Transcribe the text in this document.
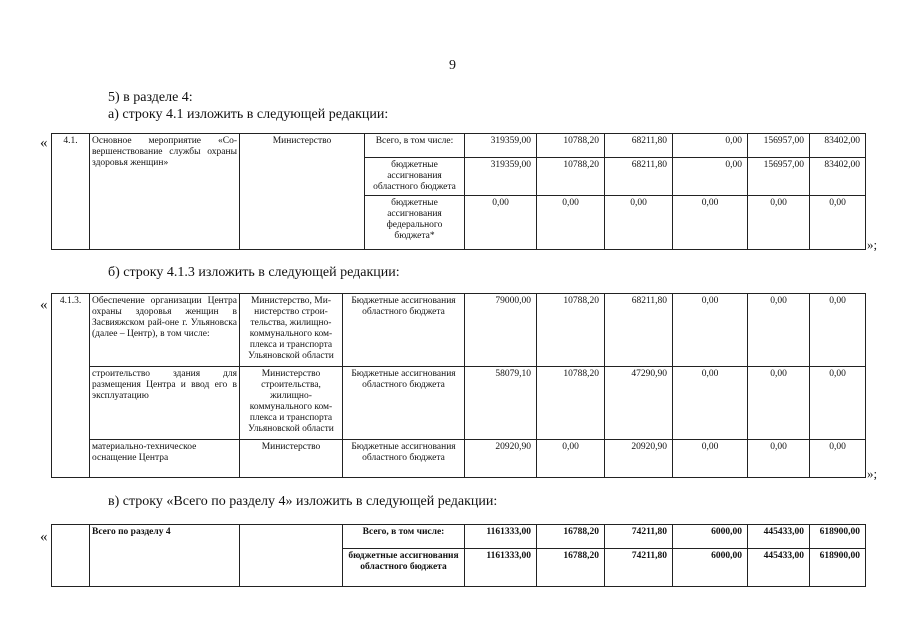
9
5) в разделе 4:
а) строку 4.1 изложить в следующей редакции:
« 4.1.	Основное мероприятие «Со-вершенствование службы охраны здоровья женщин»	Министерство	Всего, в том числе:	319359,00	10788,20	68211,80	0,00	156957,00	83402,00
			бюджетные ассигнования областного бюджета	319359,00	10788,20	68211,80	0,00	156957,00	83402,00
			бюджетные ассигнования федерального бюджета*	0,00	0,00	0,00	0,00	0,00	0,00
»;
б) строку 4.1.3 изложить в следующей редакции:
« 4.1.3.	Обеспечение организации Центра охраны здоровья женщин в Засвияжском рай-оне г. Ульяновска (далее – Центр), в том числе:	Министерство, Ми-нистерство строи-тельства, жилищно-коммунального ком-плекса и транспорта Ульяновской области	Бюджетные ассигнования областного бюджета	79000,00	10788,20	68211,80	0,00	0,00	0,00
	строительство здания для размещения Центра и ввод его в эксплуатацию	Министерство строительства, жилищно-коммунального ком-плекса и транспорта Ульяновской области	Бюджетные ассигнования областного бюджета	58079,10	10788,20	47290,90	0,00	0,00	0,00
	материально-техническое оснащение Центра	Министерство	Бюджетные ассигнования областного бюджета	20920,90	0,00	20920,90	0,00	0,00	0,00
»;
в) строку «Всего по разделу 4» изложить в следующей редакции:
«
		Всего по разделу 4		Всего, в том числе:	1161333,00	16788,20	74211,80	6000,00	445433,00	618900,00
			бюджетные ассигнования областного бюджета	1161333,00	16788,20	74211,80	6000,00	445433,00	618900,00
